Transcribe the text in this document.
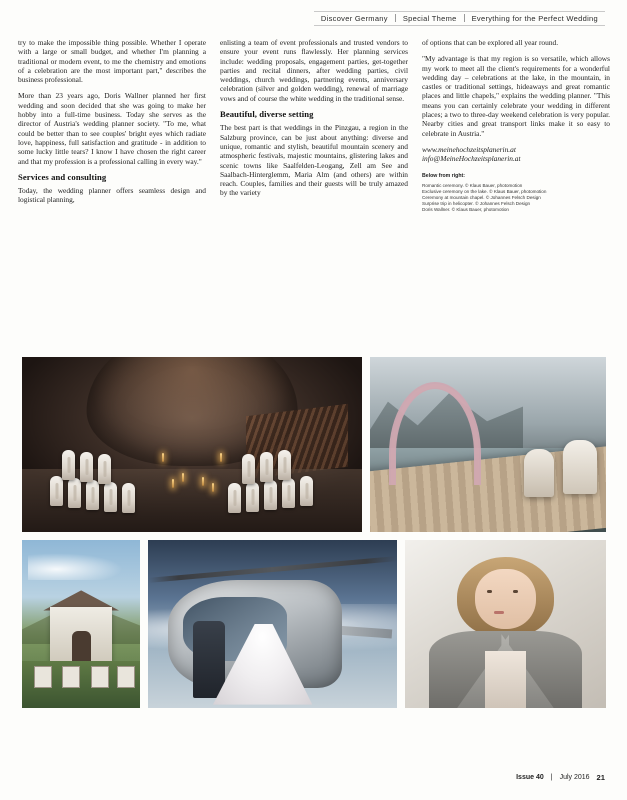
Discover Germany	Special Theme	Everything for the Perfect Wedding

try to make the impossible thing possible. Whether I operate with a large or small budget, and whether I'm planning a traditional or modern event, to me the chemistry and emotions of a celebration are the most important part," describes the business professional.

More than 23 years ago, Doris Wallner planned her first wedding and soon decided that she was going to make her hobby into a full-time business. Today she serves as the director of Austria's wedding planner society. "To me, what could be better than to see couples' bright eyes which radiate love, happiness, full satisfaction and gratitude - in addition to some lucky little tears? I know I have chosen the right career and that my profession is a professional calling in every way."

Services and consulting

Today, the wedding planner offers seamless design and logistical planning,

enlisting a team of event professionals and trusted vendors to ensure your event runs flawlessly. Her planning services include: wedding proposals, engagement parties, get-together parties and recital dinners, after wedding parties, civil weddings, church weddings, partnering events, anniversary celebration (silver and golden wedding), renewal of marriage vows and of course the white wedding in the traditional sense.

Beautiful, diverse setting

The best part is that weddings in the Pinzgau, a region in the Salzburg province, can be just about anything: diverse and unique, romantic and stylish, beautiful mountain scenery and atmospheric festivals, majestic mountains, glistering lakes and scenic towns like Saalfelden-Leogang, Zell am See and Saalbach-Hinterglemm, Maria Alm (and others) are within reach. Couples, families and their guests will be truly amazed by the variety

of options that can be explored all year round.

"My advantage is that my region is so versatile, which allows my work to meet all the client's requirements for a wonderful wedding day – celebrations at the lake, in the mountain, in castles or traditional settings, hideaways and great romantic places and little chapels," explains the wedding planner. "This means you can certainly celebrate your wedding in different places; a two to three-day weekend celebration is very popular. Nearby cities and great transport links make it so easy to celebrate in Austria."

www.meinehochzeitsplanerin.at
info@MeineHochzeitsplanerin.at
Below from right:
Romantic ceremony. © Klaus Bauer, photomotion
Exclusive ceremony on the lake. © Klaus Bauer, photomotion
Ceremony at mountain chapel. © Johannes Felsch Design
Surprise trip in helicopter. © Johannes Felsch Design
Doris Wallner. © Klaus Bauer, photomotion
Issue 40 | July 2016 21
